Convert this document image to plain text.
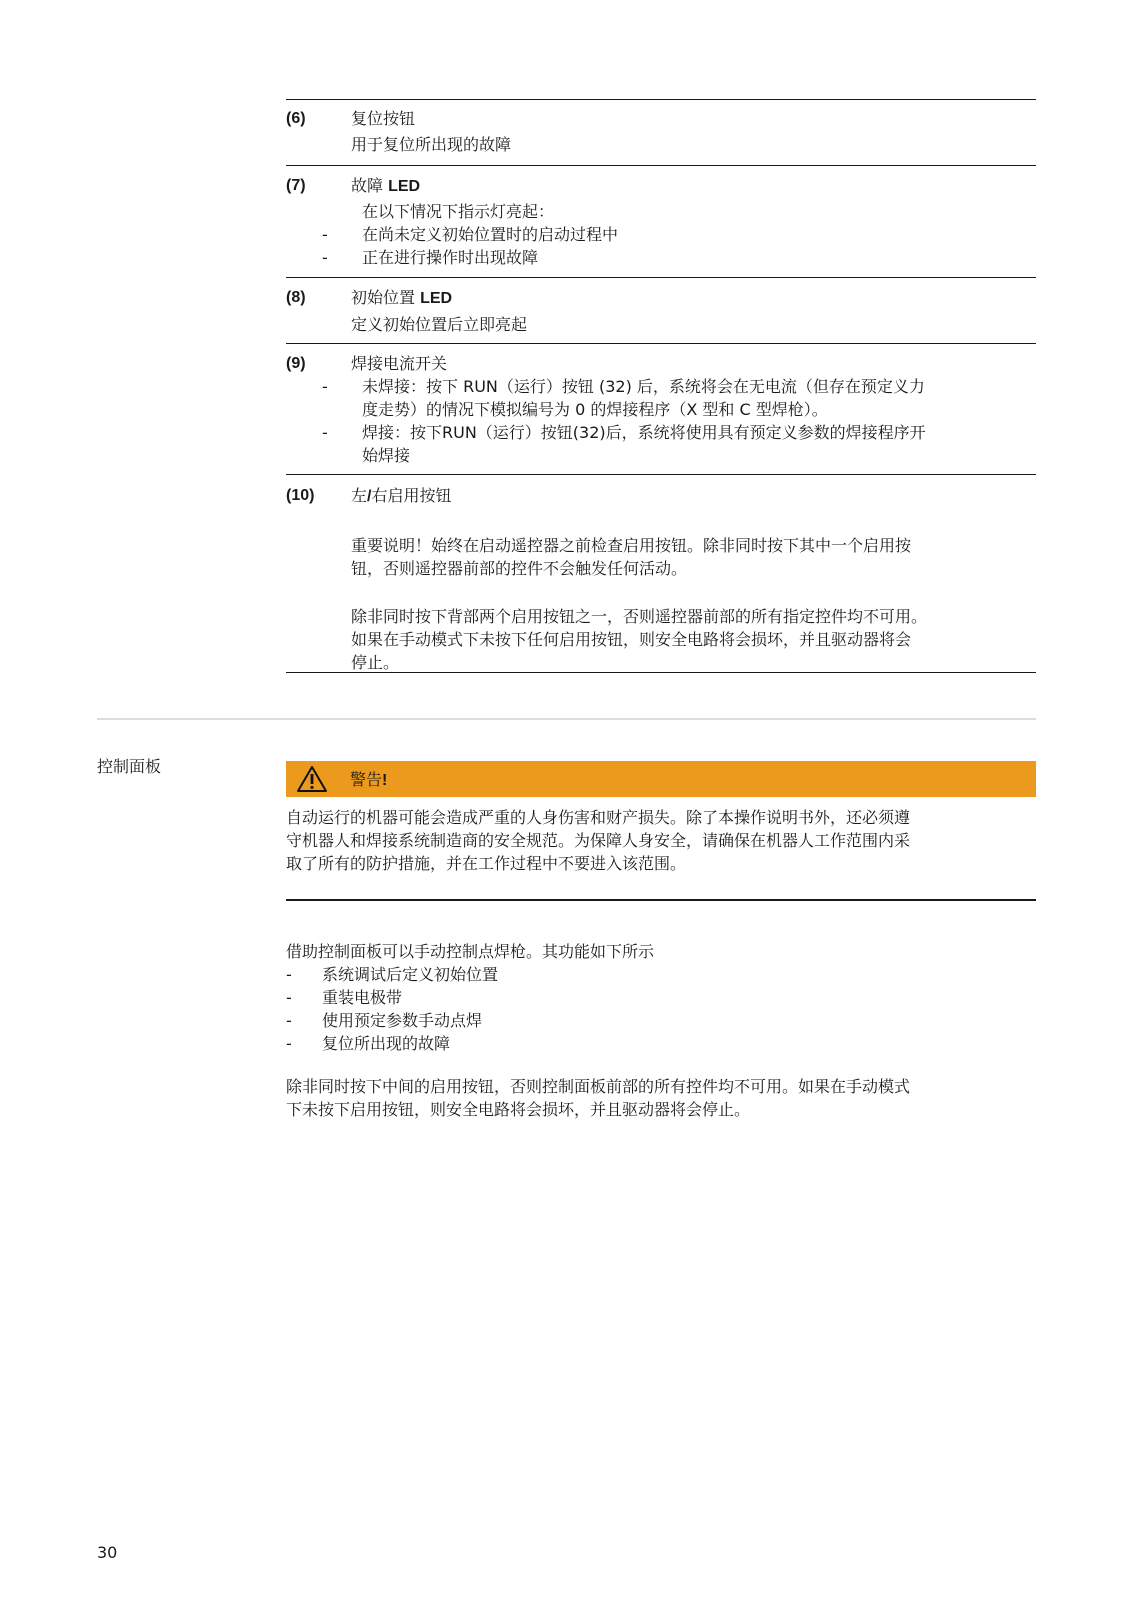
(6)	复位按钮
用于复位所出现的故障
(7)	故障 LED
在以下情况下指示灯亮起：
- 在尚未定义初始位置时的启动过程中
- 正在进行操作时出现故障
(8)	初始位置 LED
定义初始位置后立即亮起
(9)	焊接电流开关
- 未焊接：按下 RUN（运行）按钮 (32) 后，系统将会在无电流（但存在预定义力
度走势）的情况下模拟编号为 0 的焊接程序（X 型和 C 型焊枪）。
- 焊接：按下RUN（运行）按钮(32)后，系统将使用具有预定义参数的焊接程序开
始焊接
(10) 左/右启用按钮
重要说明！始终在启动遥控器之前检查启用按钮。除非同时按下其中一个启用按
钮，否则遥控器前部的控件不会触发任何活动。
除非同时按下背部两个启用按钮之一，否则遥控器前部的所有指定控件均不可用。
如果在手动模式下未按下任何启用按钮，则安全电路将会损坏，并且驱动器将会
停止。
控制面板
警告!
自动运行的机器可能会造成严重的人身伤害和财产损失。除了本操作说明书外，还必须遵
守机器人和焊接系统制造商的安全规范。为保障人身安全，请确保在机器人工作范围内采
取了所有的防护措施，并在工作过程中不要进入该范围。
借助控制面板可以手动控制点焊枪。其功能如下所示
- 系统调试后定义初始位置
- 重装电极带
- 使用预定参数手动点焊
- 复位所出现的故障
除非同时按下中间的启用按钮，否则控制面板前部的所有控件均不可用。如果在手动模式
下未按下启用按钮，则安全电路将会损坏，并且驱动器将会停止。
30
